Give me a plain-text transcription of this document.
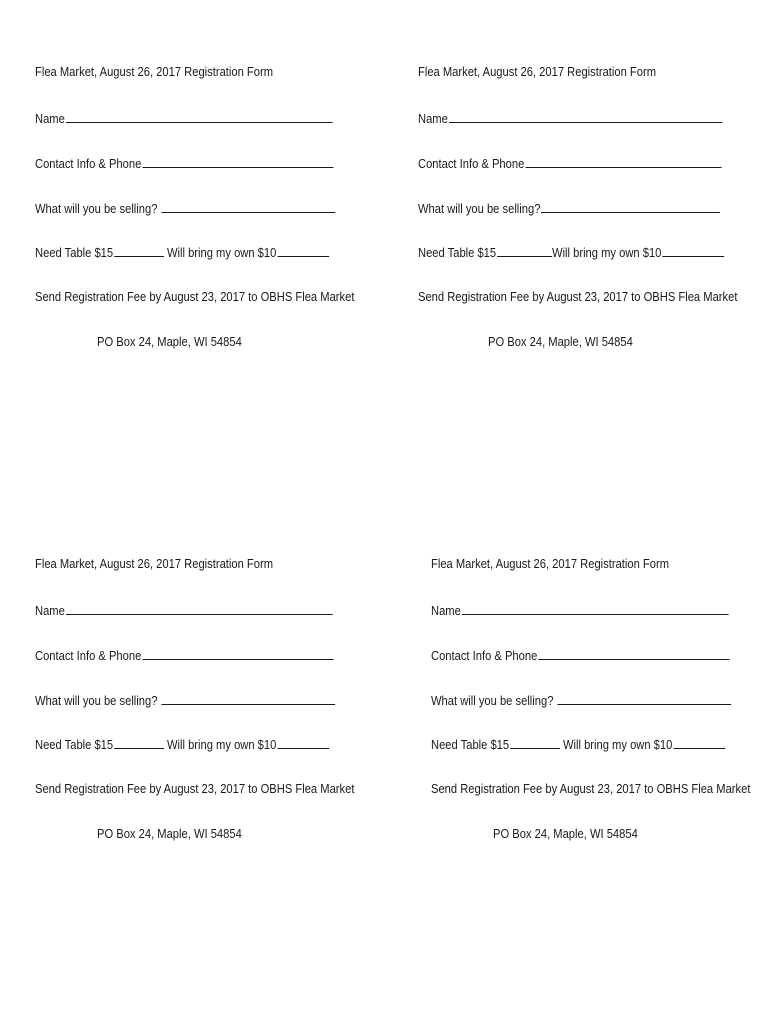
Flea Market, August 26, 2017 Registration Form
Name
Contact Info & Phone
What will you be selling?
Need Table $15	Will bring my own $10
Send Registration Fee by August 23, 2017 to OBHS Flea Market
PO Box 24, Maple, WI 54854
Flea Market, August 26, 2017 Registration Form
Name
Contact Info & Phone
What will you be selling?
Need Table $15	Will bring my own $10
Send Registration Fee by August 23, 2017 to OBHS Flea Market
PO Box 24, Maple, WI 54854
Flea Market, August 26, 2017 Registration Form
Name
Contact Info & Phone
What will you be selling?
Need Table $15	Will bring my own $10
Send Registration Fee by August 23, 2017 to OBHS Flea Market
PO Box 24, Maple, WI 54854
Flea Market, August 26, 2017 Registration Form
Name
Contact Info & Phone
What will you be selling?
Need Table $15	Will bring my own $10
Send Registration Fee by August 23, 2017 to OBHS Flea Market
PO Box 24, Maple, WI 54854
